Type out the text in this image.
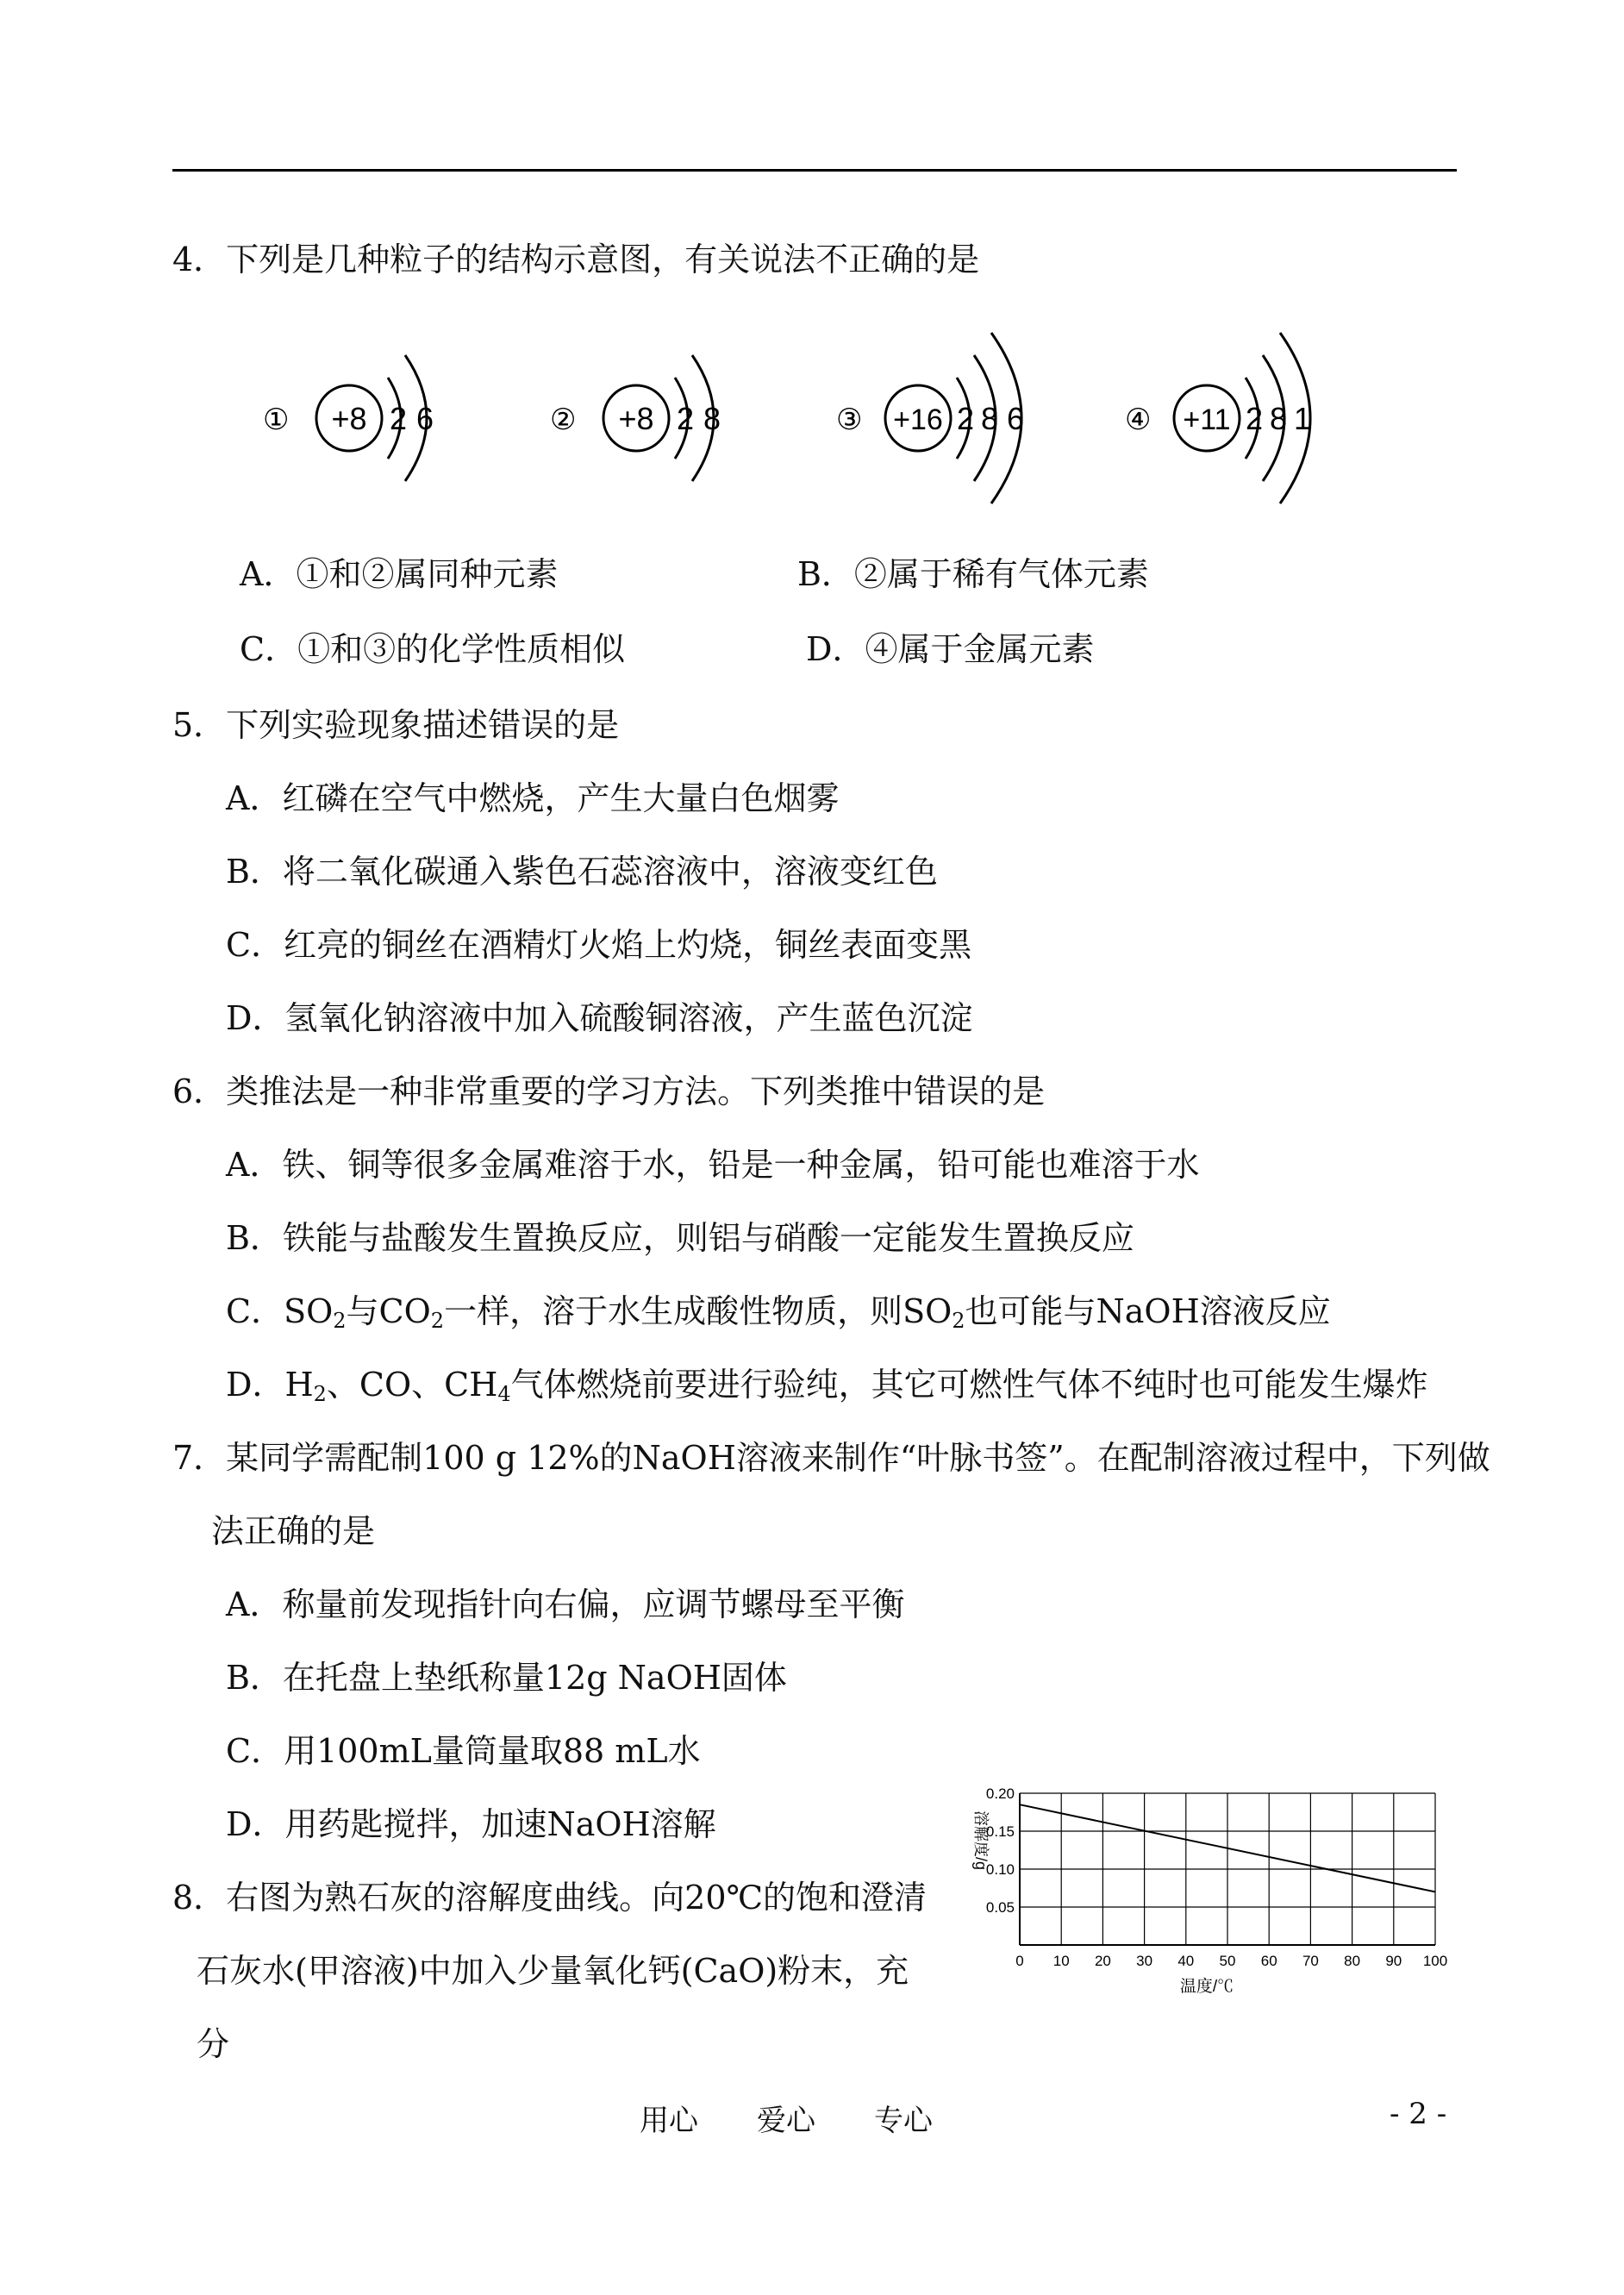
4．下列是几种粒子的结构示意图，有关说法不正确的是
① +8 2 6	② +8 2 8	③ +16 2 8 6	④ +11 2 8 1
A．①和②属同种元素	B．②属于稀有气体元素
C．①和③的化学性质相似	D．④属于金属元素
5．下列实验现象描述错误的是
A．红磷在空气中燃烧，产生大量白色烟雾
B．将二氧化碳通入紫色石蕊溶液中，溶液变红色
C．红亮的铜丝在酒精灯火焰上灼烧，铜丝表面变黑
D．氢氧化钠溶液中加入硫酸铜溶液，产生蓝色沉淀
6．类推法是一种非常重要的学习方法。下列类推中错误的是
A．铁、铜等很多金属难溶于水，铅是一种金属，铅可能也难溶于水
B．铁能与盐酸发生置换反应，则铝与硝酸一定能发生置换反应
C．$SO_2$与$CO_2$一样，溶于水生成酸性物质，则$SO_2$也可能与NaOH溶液反应
D．$H_2$、CO、$CH_4$气体燃烧前要进行验纯，其它可燃性气体不纯时也可能发生爆炸
7．某同学需配制100 g 12%的NaOH溶液来制作“叶脉书签”。在配制溶液过程中，下列做
法正确的是
A．称量前发现指针向右偏，应调节螺母至平衡
B．在托盘上垫纸称量12g NaOH固体
C．用100mL量筒量取88 mL水
D．用药匙搅拌，加速NaOH溶解
8．右图为熟石灰的溶解度曲线。向20℃的饱和澄清
石灰水(甲溶液)中加入少量氧化钙(CaO)粉末，充
分
0 10 20 30 40 50 60 70 80 90 100
0.20
0.15
0.10
0.05
溶解度/g
温度/℃
用心　　爱心　　专心	- 2 -
